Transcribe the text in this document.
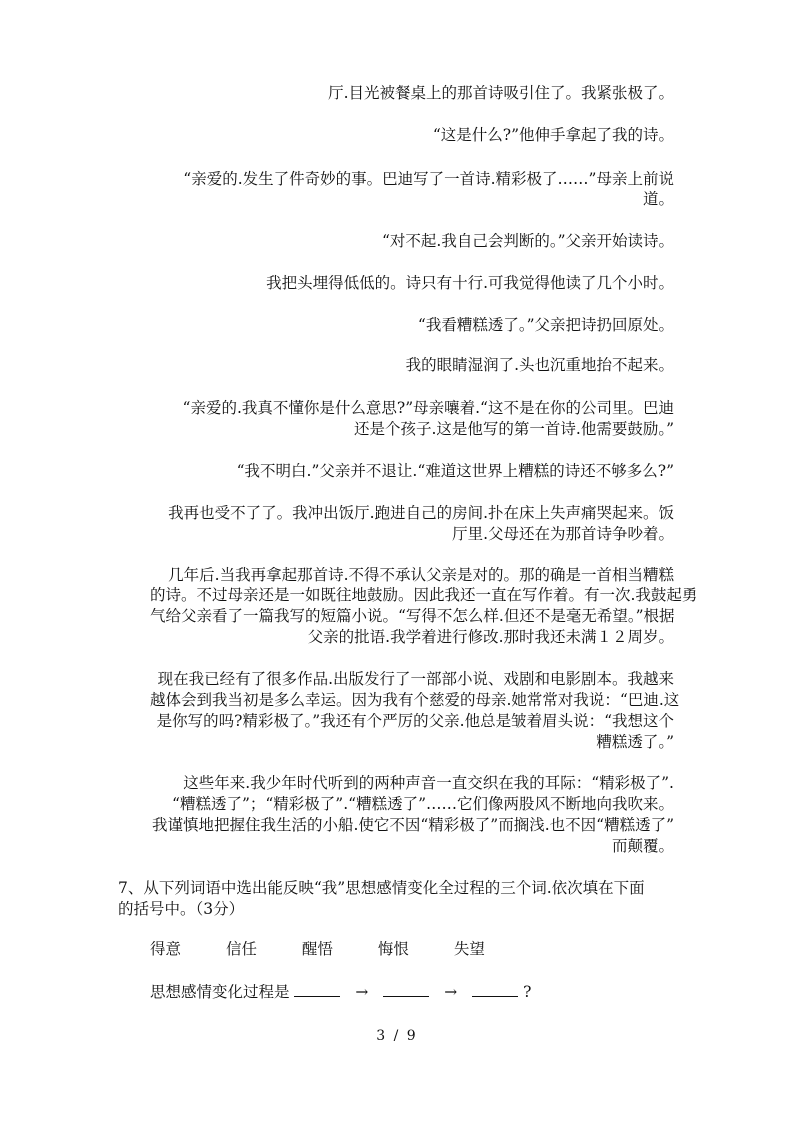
厅.目光被餐桌上的那首诗吸引住了。我紧张极了。
“这是什么?”他伸手拿起了我的诗。
“亲爱的.发生了件奇妙的事。巴迪写了一首诗.精彩极了……”母亲上前说
道。
“对不起.我自己会判断的。”父亲开始读诗。
我把头埋得低低的。诗只有十行.可我觉得他读了几个小时。
“我看糟糕透了。”父亲把诗扔回原处。
我的眼睛湿润了.头也沉重地抬不起来。
“亲爱的.我真不懂你是什么意思?”母亲嚷着.“这不是在你的公司里。巴迪
还是个孩子.这是他写的第一首诗.他需要鼓励。”
“我不明白.”父亲并不退让.“难道这世界上糟糕的诗还不够多么?”
我再也受不了了。我冲出饭厅.跑进自己的房间.扑在床上失声痛哭起来。饭
厅里.父母还在为那首诗争吵着。
几年后.当我再拿起那首诗.不得不承认父亲是对的。那的确是一首相当糟糕
的诗。不过母亲还是一如既往地鼓励。因此我还一直在写作着。有一次.我鼓起勇
气给父亲看了一篇我写的短篇小说。“写得不怎么样.但还不是毫无希望。”根据
父亲的批语.我学着进行修改.那时我还未满１２周岁。
现在我已经有了很多作品.出版发行了一部部小说、戏剧和电影剧本。我越来
越体会到我当初是多么幸运。因为我有个慈爱的母亲.她常常对我说：“巴迪.这
是你写的吗?精彩极了。”我还有个严厉的父亲.他总是皱着眉头说：“我想这个
糟糕透了。”
这些年来.我少年时代听到的两种声音一直交织在我的耳际：“精彩极了”.
“糟糕透了”；“精彩极了”.“糟糕透了”……它们像两股风不断地向我吹来。
我谨慎地把握住我生活的小船.使它不因“精彩极了”而搁浅.也不因“糟糕透了”
而颠覆。
7、从下列词语中选出能反映“我”思想感情变化全过程的三个词.依次填在下面
的括号中。（3分）
得意	信任	醒悟	悔恨	失望
思想感情变化过程是	→	→	?
3 / 9
